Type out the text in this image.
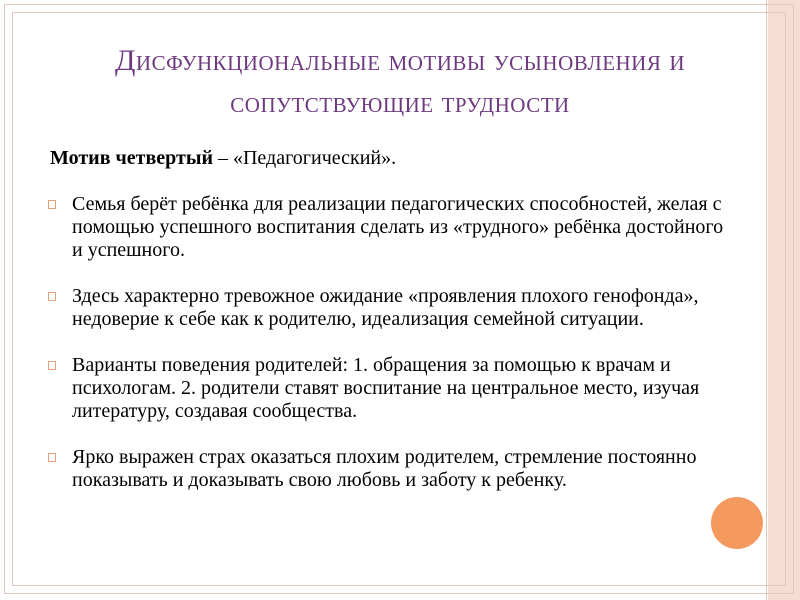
Дисфункциональные мотивы усыновления и
сопутствующие трудности
Мотив четвертый – «Педагогический».
Семья берёт ребёнка для реализации педагогических способностей, желая с помощью успешного воспитания сделать из «трудного» ребёнка достойного и успешного.
Здесь характерно тревожное ожидание «проявления плохого генофонда», недоверие к себе как к родителю, идеализация семейной ситуации.
Варианты поведения родителей: 1. обращения за помощью к врачам и психологам. 2. родители ставят воспитание на центральное место, изучая литературу, создавая сообщества.
Ярко выражен страх оказаться плохим родителем, стремление постоянно показывать и доказывать свою любовь и заботу к ребенку.
